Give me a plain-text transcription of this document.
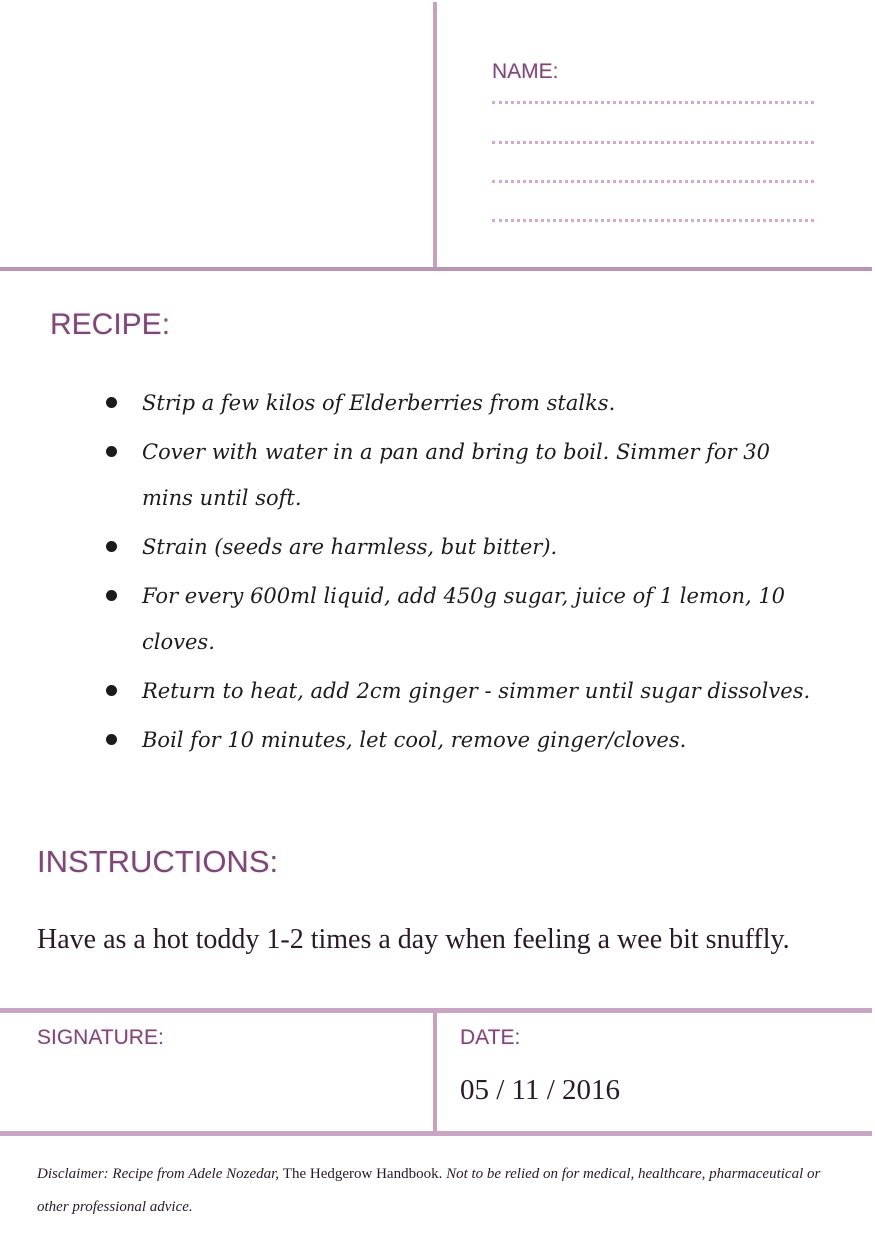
NAME:
RECIPE:
Strip a few kilos of Elderberries from stalks.
Cover with water in a pan and bring to boil. Simmer for 30 mins until soft.
Strain (seeds are harmless, but bitter).
For every 600ml liquid, add 450g sugar, juice of 1 lemon, 10 cloves.
Return to heat, add 2cm ginger - simmer until sugar dissolves.
Boil for 10 minutes, let cool, remove ginger/cloves.
INSTRUCTIONS:
Have as a hot toddy 1-2 times a day when feeling a wee bit snuffly.
SIGNATURE:	DATE:
05 / 11 / 2016
Disclaimer: Recipe from Adele Nozedar, The Hedgerow Handbook. Not to be relied on for medical, healthcare, pharmaceutical or other professional advice.
